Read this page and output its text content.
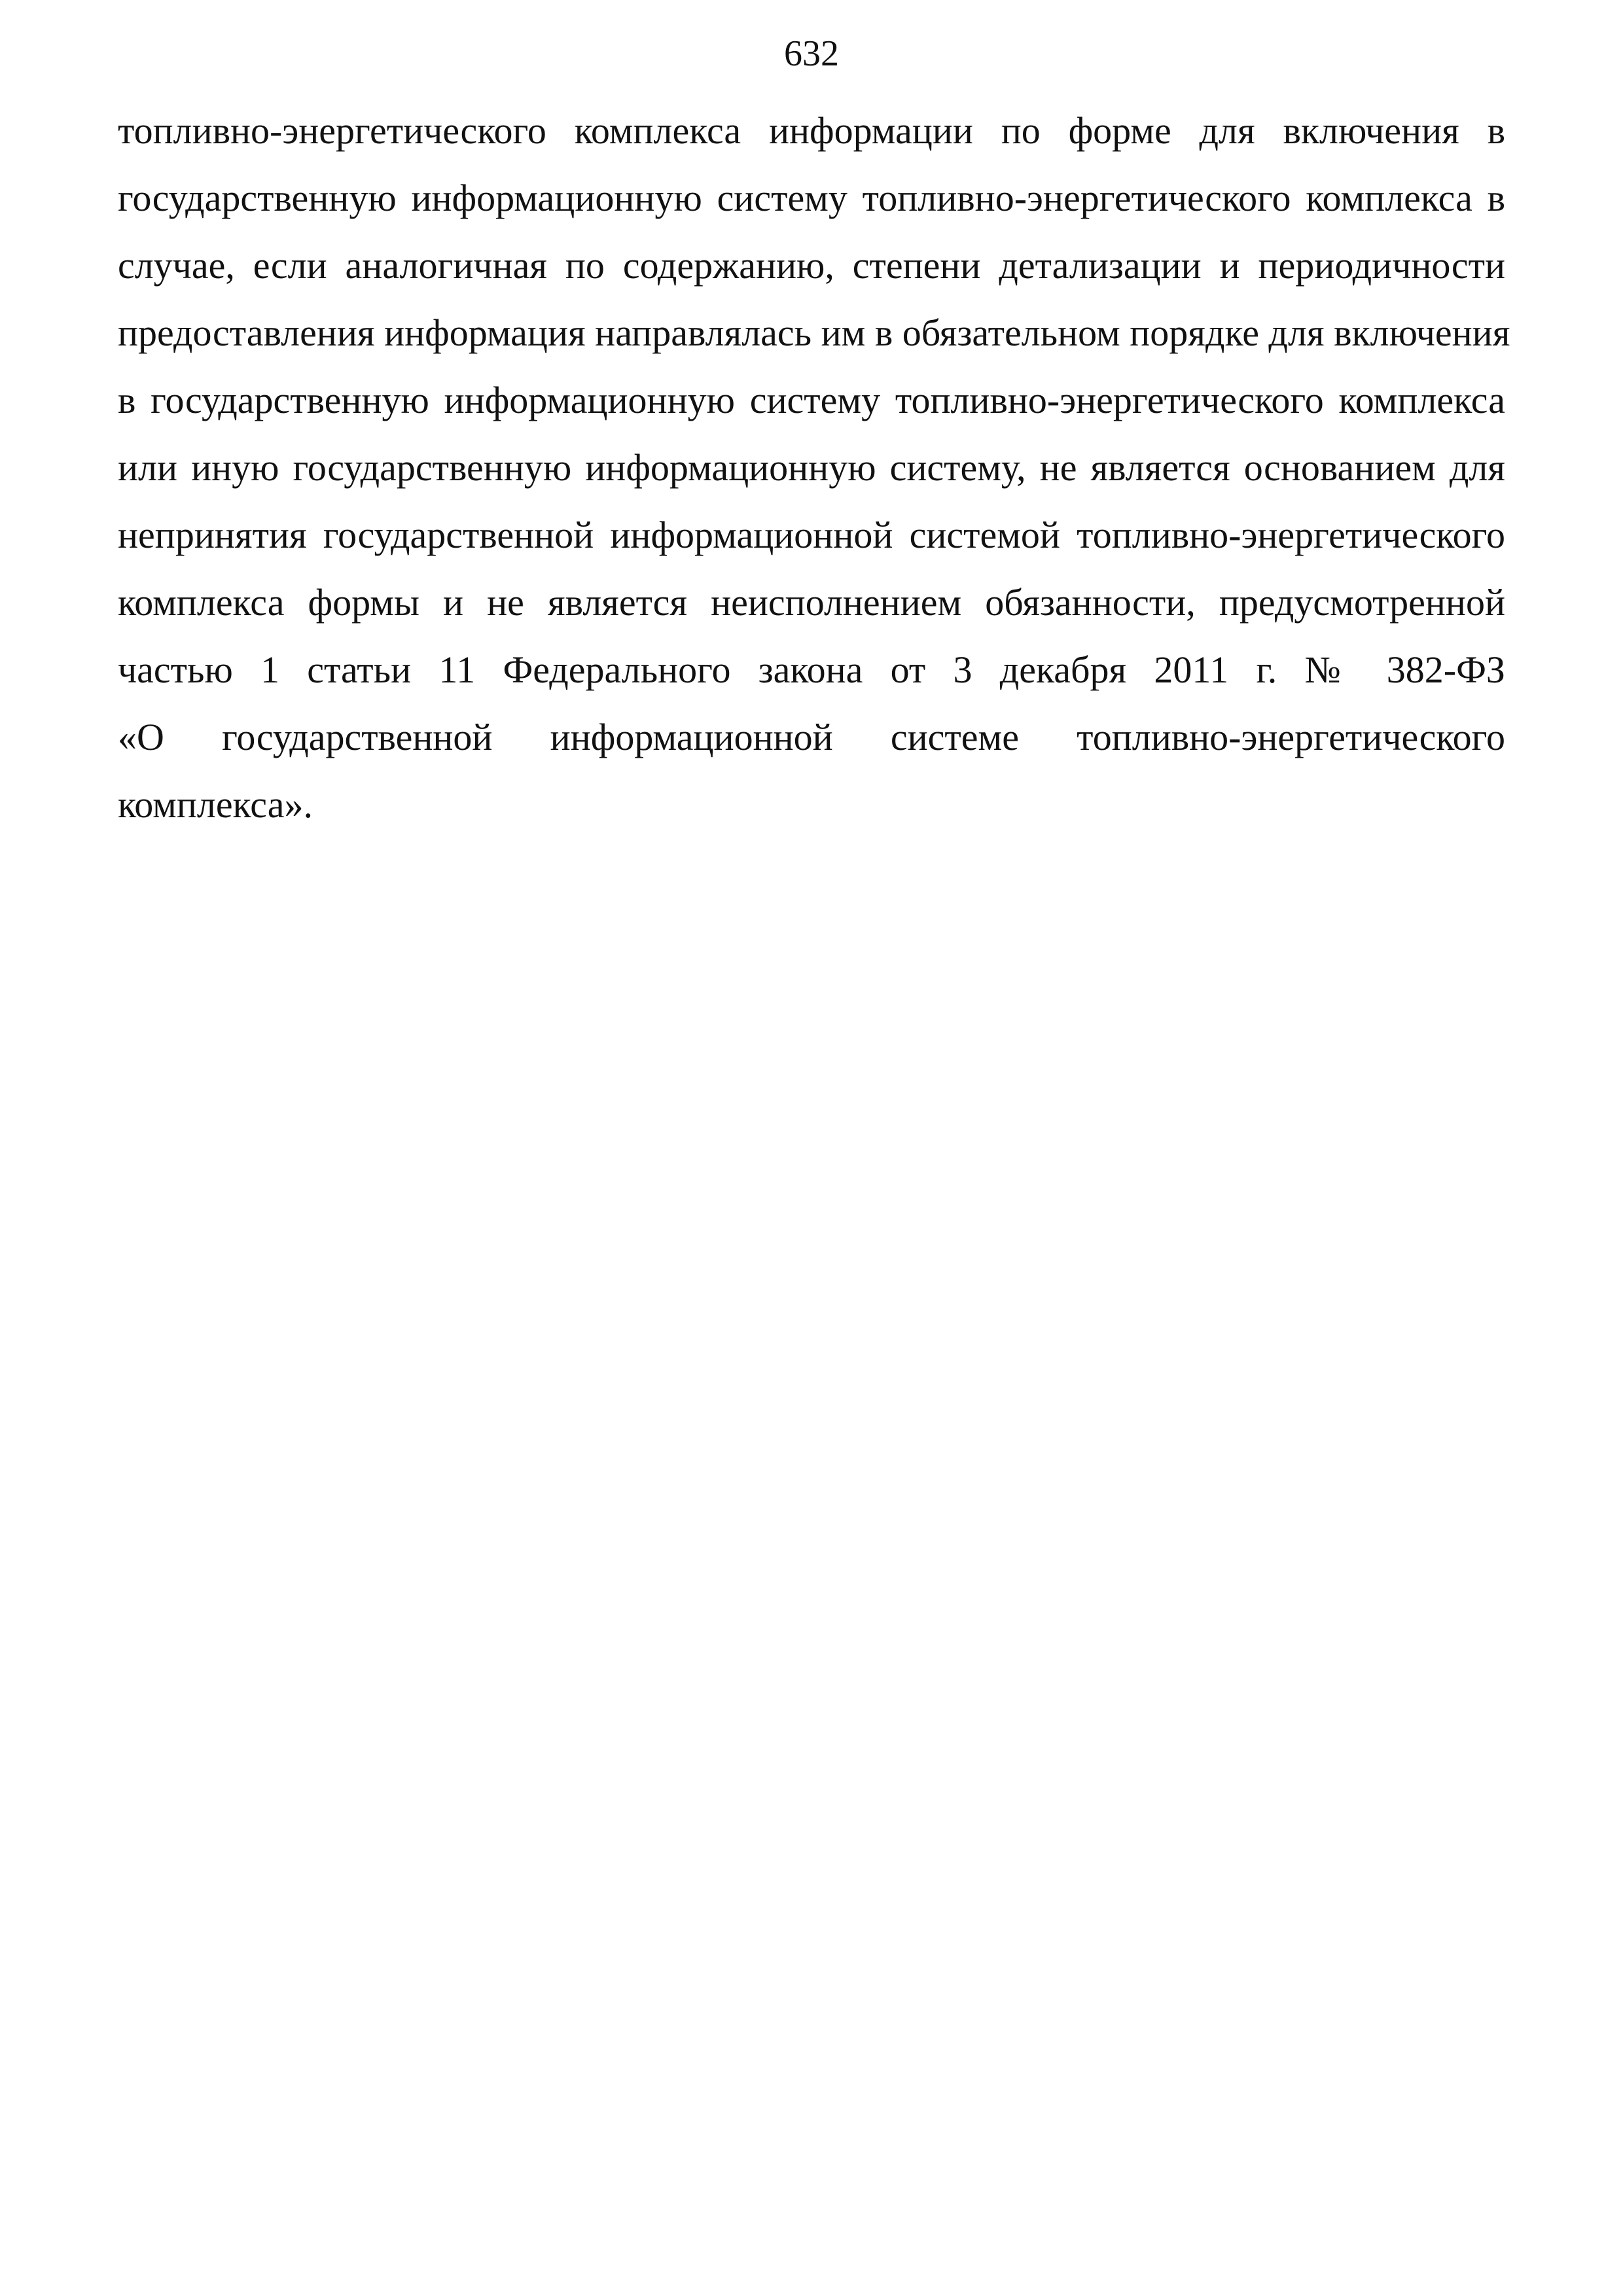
632
топливно-энергетического комплекса информации по форме для включения в
государственную информационную систему топливно-энергетического комплекса в
случае, если аналогичная по содержанию, степени детализации и периодичности
предоставления информация направлялась им в обязательном порядке для включения
в государственную информационную систему топливно-энергетического комплекса
или иную государственную информационную систему, не является основанием для
непринятия государственной информационной системой топливно-энергетического
комплекса формы и не является неисполнением обязанности, предусмотренной
частью 1 статьи 11 Федерального закона от 3 декабря 2011 г. № 382-ФЗ
«О государственной информационной системе топливно-энергетического
комплекса».
